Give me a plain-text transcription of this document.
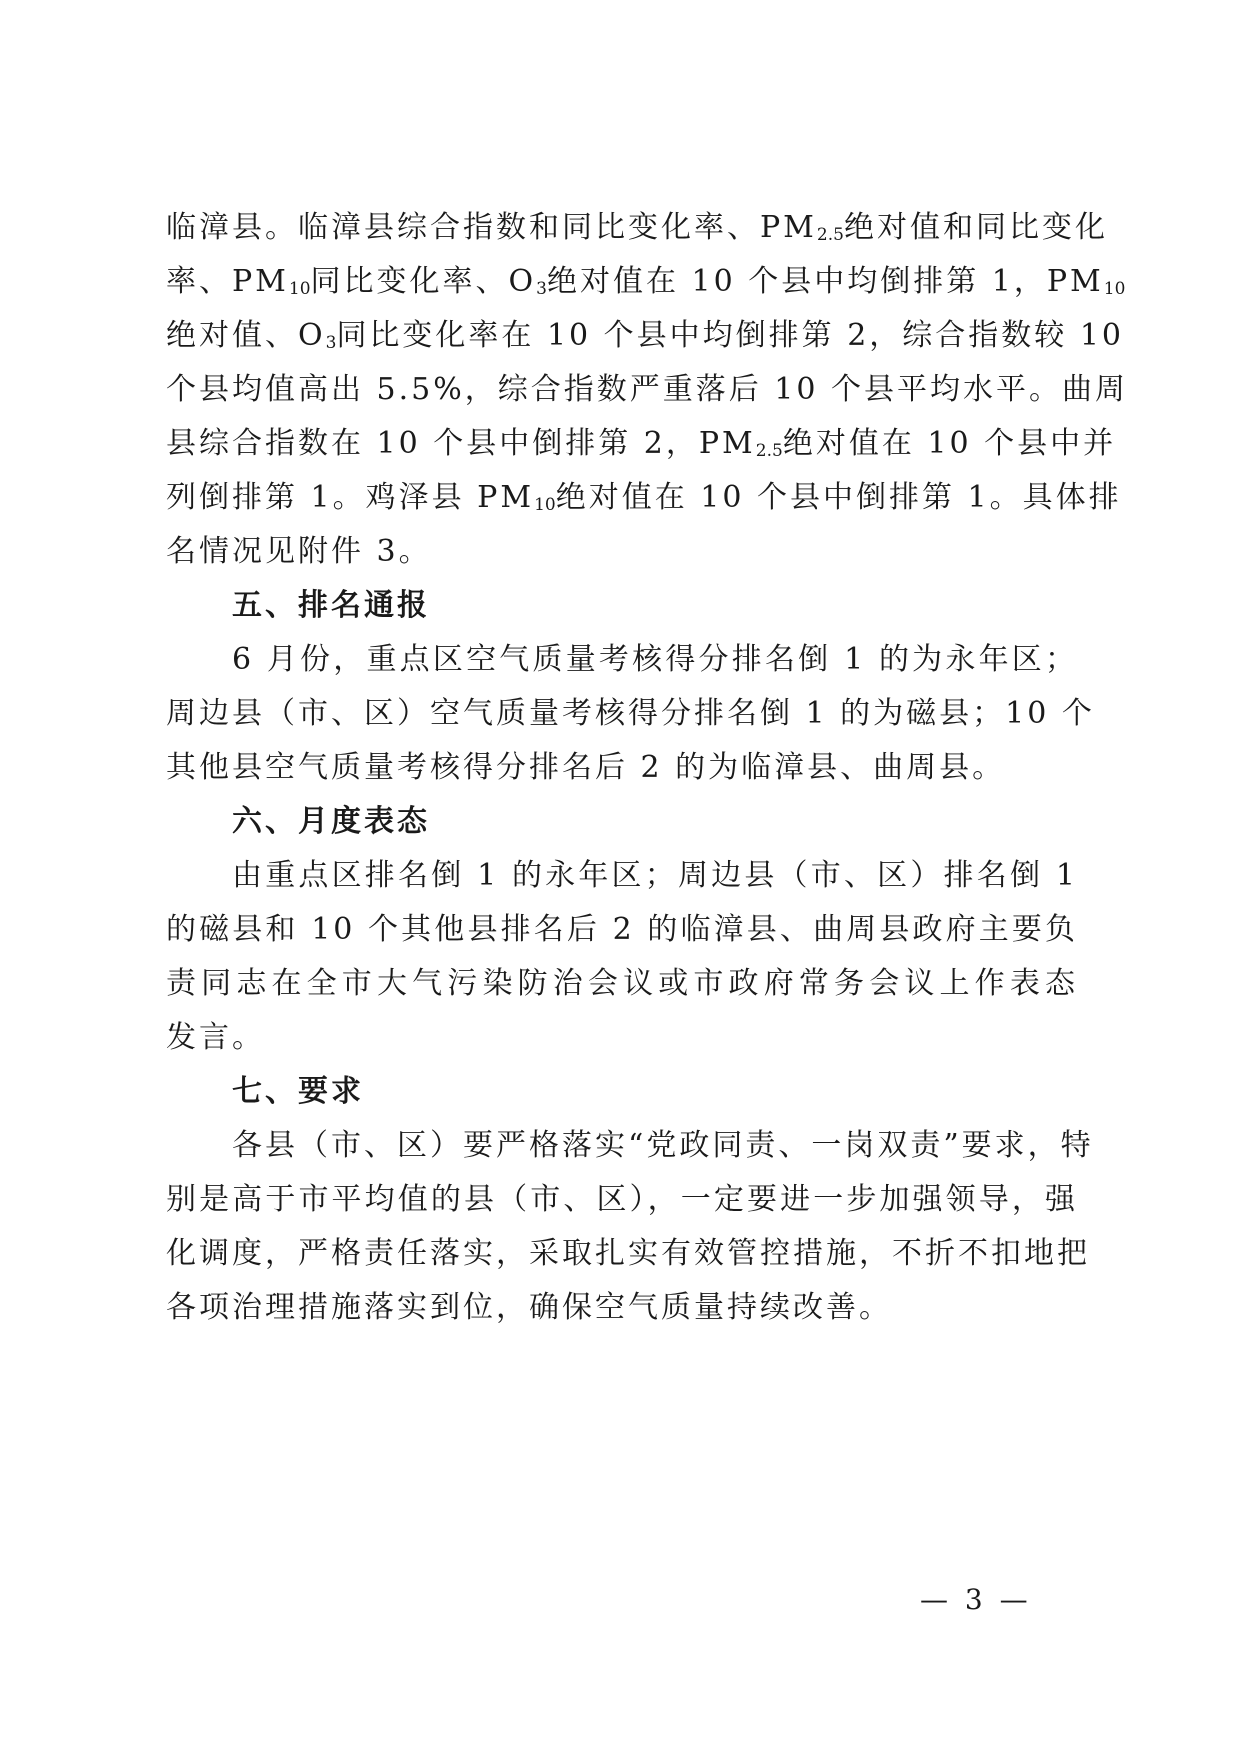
临漳县。临漳县综合指数和同比变化率、$PM_{2.5}$绝对值和同比变化
率、$PM_{10}$同比变化率、$O_3$绝对值在 10 个县中均倒排第 1，$PM_{10}$
绝对值、$O_3$同比变化率在 10 个县中均倒排第 2，综合指数较 10
个县均值高出 5.5%，综合指数严重落后 10 个县平均水平。曲周
县综合指数在 10 个县中倒排第 2，$PM_{2.5}$绝对值在 10 个县中并
列倒排第 1。鸡泽县 $PM_{10}$绝对值在 10 个县中倒排第 1。具体排
名情况见附件 3。
五、排名通报
6 月份，重点区空气质量考核得分排名倒 1 的为永年区；
周边县（市、区）空气质量考核得分排名倒 1 的为磁县；10 个
其他县空气质量考核得分排名后 2 的为临漳县、曲周县。
六、月度表态
由重点区排名倒 1 的永年区；周边县（市、区）排名倒 1
的磁县和 10 个其他县排名后 2 的临漳县、曲周县政府主要负
责同志在全市大气污染防治会议或市政府常务会议上作表态
发言。
七、要求
各县（市、区）要严格落实“党政同责、一岗双责”要求，特
别是高于市平均值的县（市、区），一定要进一步加强领导，强
化调度，严格责任落实，采取扎实有效管控措施，不折不扣地把
各项治理措施落实到位，确保空气质量持续改善。
— 3 —
